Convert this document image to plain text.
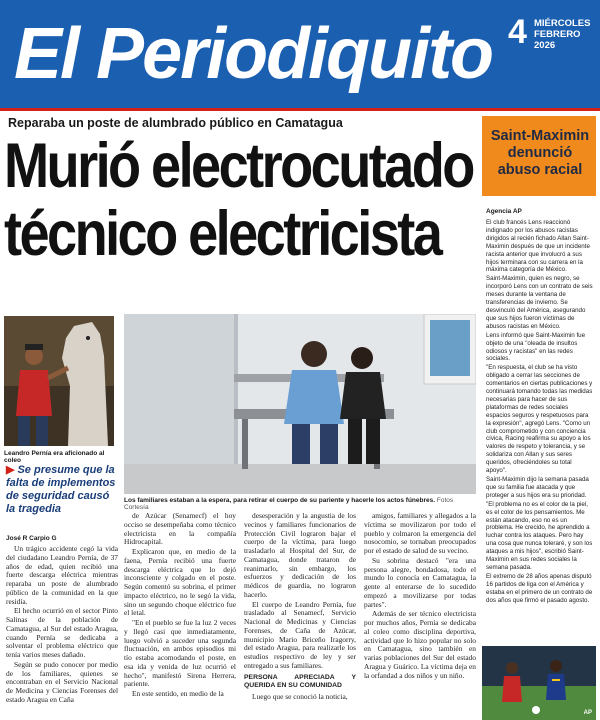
El Periodiquito 4 MIÉRCOLES
FEBRERO
2026
Reparaba un poste de alumbrado público en Camatagua
Murió electrocutado
técnico electricista
Leandro Pernía era aficionado al coleo
Los familiares estaban a la espera, para retirar el cuerpo de su pariente y hacerle los actos fúnebres. Fotos Cortesía
▶ Se presume que la falta de implementos de seguridad causó la tragedia
José R Carpio G

Un trágico accidente cegó la vida del ciudadano Leandro Pernía, de 37 años de edad, quien recibió una fuerte descarga eléctrica mientras reparaba un poste de alumbrado público de la comunidad en la que residía.

El hecho ocurrió en el sector Pinto Salinas de la población de Camatagua, al Sur del estado Aragua, cuando Pernía se dedicaba a solventar el problema eléctrico que tenía varios meses dañado.

Según se pudo conocer por medio de los familiares, quienes se encontraban en el Servicio Nacional de Medicina y Ciencias Forenses del estado Aragua en Caña

de Azúcar (Senamecf) el hoy occiso se desempeñaba como técnico electricista en la compañía Hidrocapital.

Explicaron que, en medio de la faena, Pernía recibió una fuerte descarga eléctrica que lo dejó inconsciente y colgado en el poste. Según comentó su sobrina, el primer impacto eléctrico, no le segó la vida, sino un segundo choque eléctrico fue el letal.

"En el pueblo se fue la luz 2 veces y llegó casi que inmediatamente, luego volvió a suceder una segunda fluctuación, en ambos episodios mi tío estaba acomodando el poste, en esa ida y venida de luz ocurrió el hecho", manifestó Sirena Herrera, pariente.

En este sentido, en medio de la

desesperación y la angustia de los vecinos y familiares funcionarios de Protección Civil lograron bajar el cuerpo de la víctima, para luego trasladarlo al Hospital del Sur, de Camatagua, donde trataron de reanimarlo, sin embargo, los esfuerzos y dedicación de los médicos de guardia, no lograron hacerlo.

El cuerpo de Leandro Pernía, fue trasladado al Senamecf, Servicio Nacional de Medicinas y Ciencias Forenses, de Caña de Azúcar, municipio Mario Briceño Iragorry, del estado Aragua, para realizarle los estudios respectivo de ley y ser entregado a sus familiares.

PERSONA APRECIADA Y QUERIDA EN SU COMUNIDAD

Luego que se conoció la noticia,

amigos, familiares y allegados a la víctima se movilizaron por todo el pueblo y colmaron la emergencia del nosocomio, se tornaban preocupados por el estado de salud de su vecino.

Su sobrina destacó "era una persona alegre, bondadosa, todo el mundo lo conocía en Camatagua, la gente al enterarse de lo sucedido empezó a movilizarse por todas partes".

Además de ser técnico electricista por muchos años, Pernía se dedicaba al coleo como disciplina deportiva, actividad que lo hizo popular no solo en Camatagua, sino también en varias poblaciones del Sur del estado Aragua y Guárico. La víctima deja en la orfandad a dos niños y un niño.

Saint-Maximin denunció abuso racial
Agencia AP

El club francés Lens reaccionó indignado por los abusos racistas dirigidos al recién fichado Allan Saint-Maximin después de que un incidente racista anterior que involucró a sus hijos terminara con su carrera en la máxima categoría de México.

Saint-Maximin, quien es negro, se incorporó Lens con un contrato de seis meses durante la ventana de transferencias de invierno. Se desvinculó del América, asegurando que sus hijos fueron víctimas de abusos racistas en México.

Lens informó que Saint-Maximin fue objeto de una "oleada de insultos odiosos y racistas" en las redes sociales.

"En respuesta, el club se ha visto obligado a cerrar las secciones de comentarios en ciertas publicaciones y continuará tomando todas las medidas necesarias para hacer de sus plataformas de redes sociales espacios seguros y respetuosos para la expresión", agregó Lens. "Como un club comprometido y con conciencia cívica, Racing reafirma su apoyo a los valores de respeto y tolerancia, y se solidariza con Allan y sus seres queridos, ofreciéndoles su total apoyo".

Saint-Maximin dijo la semana pasada que su familia fue atacada y que proteger a sus hijos era su prioridad.

"El problema no es el color de la piel, es el color de los pensamientos. Me están atacando, eso no es un problema. He crecido, he aprendido a luchar contra los ataques. Pero hay una cosa que nunca toleraré, y son los ataques a mis hijos", escribió Saint-Maximin en sus redes sociales la semana pasada.

El extremo de 28 años apenas disputó 16 partidos de liga con el América y estaba en el primero de un contrato de dos años que firmó el pasado agosto.

AP
